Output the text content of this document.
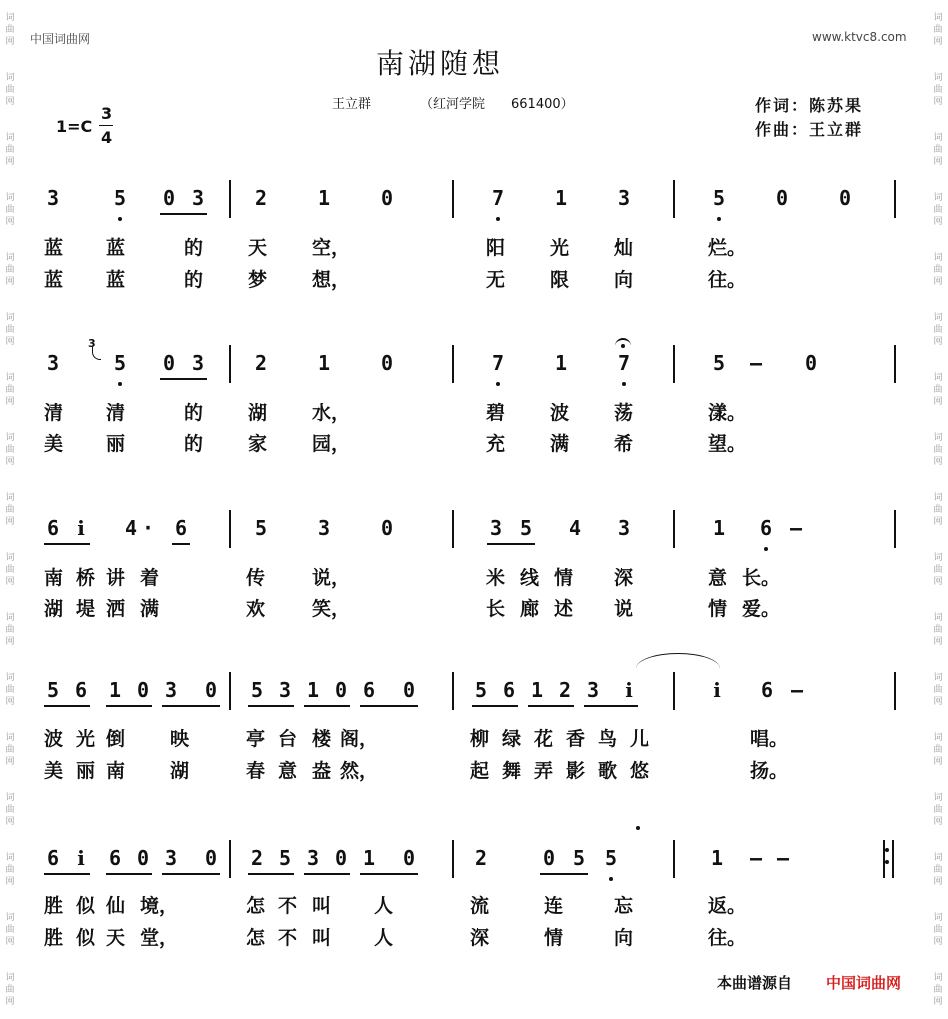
词
曲
网
词
曲
网
词
曲
网
词
曲
网
词
曲
网
词
曲
网
词
曲
网
词
曲
网
词
曲
网
词
曲
网
词
曲
网
词
曲
网
词
曲
网
词
曲
网
词
曲
网
词
曲
网
词
曲
网
词
曲
网
词
曲
网
词
曲
网
词
曲
网
词
曲
网
词
曲
网
词
曲
网
词
曲
网
词
曲
网
词
曲
网
词
曲
网
词
曲
网
词
曲
网
词
曲
网
词
曲
网
词
曲
网
词
曲
网
中国词曲网	www.ktvc8.com
南湖随想
王立群	（红河学院　　661400）
1=C
3
4
作词：陈苏果
作曲：王立群
3	5 0 3	2	1	0	7	1	3	5	0	0
蓝 蓝	的 天 空，	阳 光 灿	烂。
蓝 蓝	的 梦 想，	无 限 向	往。
3	5 0 3	2	1	0	7	1	7	5 – 0
清 清	的 湖 水，	碧 波 荡	漾。
美 丽	的 家 园，	充 满 希	望。
6 i	4 · 6	5	3	0	3 5 4 3	1 6 –
南 桥 讲 着	传 说，	米 线 情 深	意 长。
湖 堤 洒 满	欢 笑，	长 廊 述 说	情 爱。
5 6 1 0 3 0 5 3 1 0 6 0	5 6 1 2 3	i	i	6 –
波 光 倒 映	亭 台 楼 阁，	柳 绿 花 香 鸟 儿	唱。
美 丽 南 湖	春 意 盎 然，	起 舞 弄 影 歌 悠	扬。
6 i	6 0 3 0 2 5 3 0 1 0	2	0 5 5	1 – –
胜 似 仙 境，	怎 不 叫 人	流	连	忘	返。
胜 似 天 堂，	怎 不 叫 人	深	情	向	往。
3
本曲谱源自 中国词曲网
